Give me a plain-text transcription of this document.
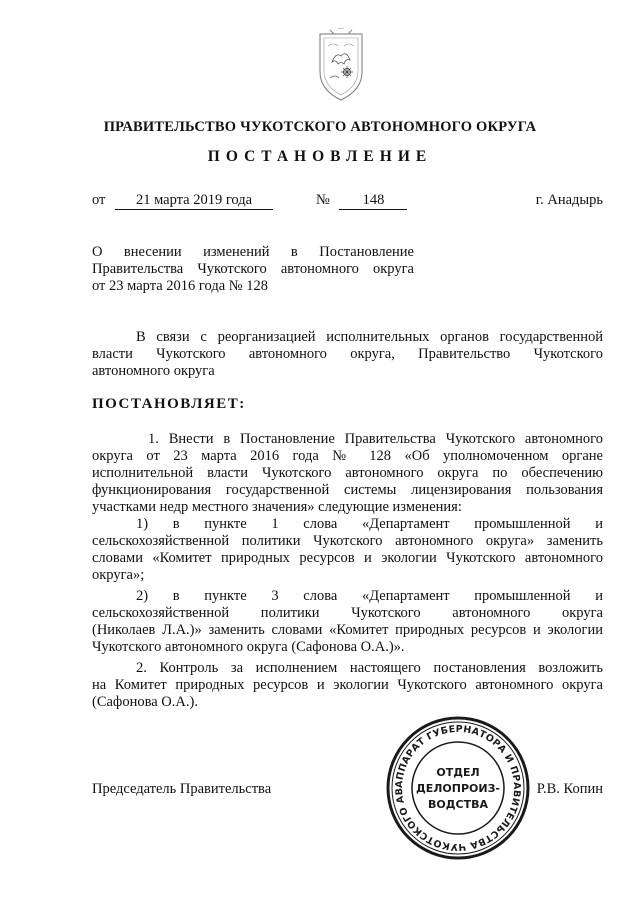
ПРАВИТЕЛЬСТВО ЧУКОТСКОГО АВТОНОМНОГО ОКРУГА
ПОСТАНОВЛЕНИЕ
от 21 марта 2019 года	№ 148	г. Анадырь
О внесении изменений в Постановление
Правительства Чукотского автономного округа
от 23 марта 2016 года № 128
В связи с реорганизацией исполнительных органов государственной
власти Чукотского автономного округа, Правительство Чукотского
автономного округа
ПОСТАНОВЛЯЕТ:
1. Внести в Постановление Правительства Чукотского автономного
округа от 23 марта 2016 года № 128 «Об уполномоченном органе
исполнительной власти Чукотского автономного округа по обеспечению
функционирования государственной системы лицензирования пользования
участками недр местного значения» следующие изменения:
1) в пункте 1 слова «Департамент промышленной и
сельскохозяйственной политики Чукотского автономного округа» заменить
словами «Комитет природных ресурсов и экологии Чукотского автономного
округа»;
2) в пункте 3 слова «Департамент промышленной и
сельскохозяйственной политики Чукотского автономного округа
(Николаев Л.А.)» заменить словами «Комитет природных ресурсов и экологии
Чукотского автономного округа (Сафонова О.А.)».
2. Контроль за исполнением настоящего постановления возложить
на Комитет природных ресурсов и экологии Чукотского автономного округа
(Сафонова О.А.).
Председатель Правительства	Р.В. Копин
АППАРАТ ГУБЕРНАТОРА И ПРАВИТЕЛЬСТВА ЧУКОТСКОГО АВ
ОТДЕЛ
ДЕЛОПРОИЗ-
ВОДСТВА
